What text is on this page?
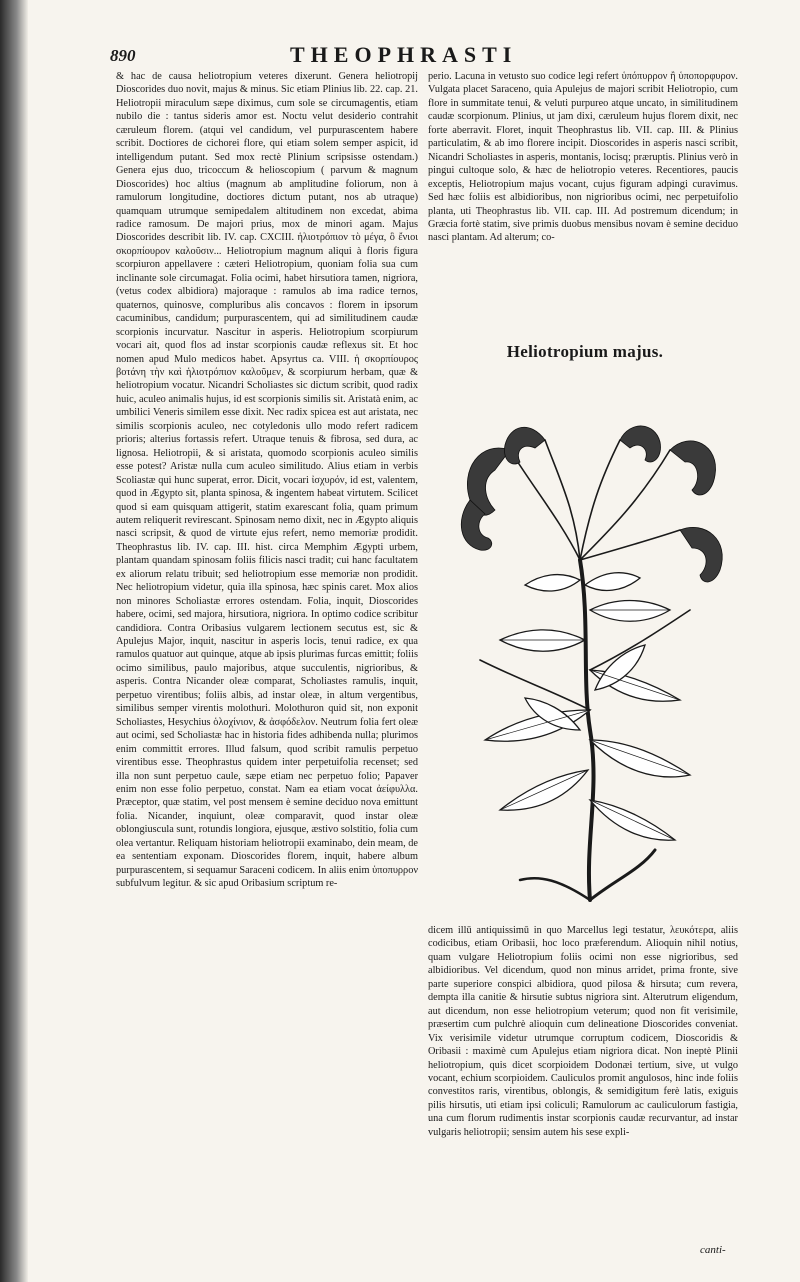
890	THEOPHRASTI

& hac de causa heliotropium veteres dixerunt. Genera heliotropij Dioscorides duo novit, majus & minus. Sic etiam Plinius lib. 22. cap. 21. Heliotropii miraculum sæpe diximus, cum sole se circumagentis, etiam nubilo die : tantus sideris amor est. Noctu velut desiderio contrahit cæruleum florem. (atqui vel candidum, vel purpurascentem habere scribit. Doctiores de cichorei flore, qui etiam solem semper aspicit, id intelligendum putant. Sed mox rectè Plinium scripsisse ostendam.) Genera ejus duo, tricoccum & helioscopium ( parvum & magnum Dioscorides) hoc altius (magnum ab amplitudine foliorum, non à ramulorum longitudine, doctiores dictum putant, nos ab utraque) quamquam utrumque semipedalem altitudinem non excedat, abima radice ramosum. De majori prius, mox de minori agam. Majus Dioscorides describit lib. IV. cap. CXCIII. ἡλιοτρόπιον τὸ μέγα, ὃ ἔνιοι σκορπίουρον καλοῦσιν... Heliotropium magnum aliqui à floris figura scorpiuron appellavere : cæteri Heliotropium, quoniam folia sua cum inclinante sole circumagat. Folia ocimi, habet hirsutiora tamen, nigriora, (vetus codex albidiora) majoraque : ramulos ab ima radice ternos, quaternos, quinosve, compluribus alis concavos : florem in ipsorum cacuminibus, candidum; purpurascentem, qui ad similitudinem caudæ scorpionis incurvatur. Nascitur in asperis. Heliotropium scorpiurum vocari ait, quod flos ad instar scorpionis caudæ reflexus sit. Et hoc nomen apud Mulo medicos habet. Apsyrtus ca. VIII. ἡ σκορπίουρος βοτάνη τὴν καὶ ἡλιοτρόπιον καλοῦμεν, & scorpiurum herbam, quæ & heliotropium vocatur. Nicandri Scholiastes sic dictum scribit, quod radix huic, aculeo animalis hujus, id est scorpionis similis sit. Aristatà enim, ac umbilici Veneris similem esse dixit. Nec radix spicea est aut aristata, nec similis scorpionis aculeo, nec cotyledonis ullo modo refert radicem prioris; alterius fortassis refert. Utraque tenuis & fibrosa, sed dura, ac lignosa. Heliotropii, & si aristata, quomodo scorpionis aculeo similis esse potest? Aristæ nulla cum aculeo similitudo. Alius etiam in verbis Scoliastæ qui hunc superat, error. Dicit, vocari ἰσχυρόν, id est, valentem, quod in Ægypto sit, planta spinosa, & ingentem habeat virtutem. Scilicet quod si eam quisquam attigerit, statim exarescant folia, quam primum autem reliquerit revirescant. Spinosam nemo dixit, nec in Ægypto aliquis nasci scripsit, & quod de virtute ejus refert, nemo memoriæ prodidit. Theophrastus lib. IV. cap. III. hist. circa Memphim Ægypti urbem, plantam quandam spinosam foliis filicis nasci tradit; cui hanc facultatem ex aliorum relatu tribuit; sed heliotropium esse memoriæ non prodidit. Nec heliotropium videtur, quia illa spinosa, hæc spinis caret. Mox alios non minores Scholiastæ errores ostendam. Folia, inquit, Dioscorides habere, ocimi, sed majora, hirsutiora, nigriora. In optimo codice scribitur candidiora. Contra Oribasius vulgarem lectionem secutus est, sic & Apulejus Major, inquit, nascitur in asperis locis, tenui radice, ex qua ramulos quatuor aut quinque, atque ab ipsis plurimas furcas emittit; foliis ocimo similibus, paulo majoribus, atque succulentis, nigrioribus, & asperis. Contra Nicander oleæ comparat, Scholiastes ramulis, inquit, perpetuo virentibus; foliis albis, ad instar oleæ, in altum vergentibus, similibus semper virentis molothuri. Molothuron quid sit, non exponit Scholiastes, Hesychius ὁλοχίνιον, & ἀσφόδελον. Neutrum folia fert oleæ aut ocimi, sed Scholiastæ hac in historia fides adhibenda nulla; plurimos enim committit errores. Illud falsum, quod scribit ramulis perpetuo virentibus esse. Theophrastus quidem inter perpetuifolia recenset; sed illa non sunt perpetuo caule, sæpe etiam nec perpetuo folio; Papaver enim non esse folio perpetuo, constat. Nam ea etiam vocat ἀείφυλλα. Præceptor, quæ statim, vel post mensem è semine deciduo nova emittunt folia. Nicander, inquiunt, oleæ comparavit, quod instar oleæ oblongiuscula sunt, rotundis longiora, ejusque, æstivo solstitio, folia cum olea vertantur. Reliquam historiam heliotropii examinabo, dein meam, de ea sententiam exponam. Dioscorides florem, inquit, habere album purpurascentem, si sequamur Saraceni codicem. In aliis enim ὑποπυρρον subfulvum legitur. & sic apud Oribasium scriptum re-

perio. Lacuna in vetusto suo codice legi refert ὑπόπυρρον ἢ ὑποπορφυρον. Vulgata placet Saraceno, quia Apulejus de majori scribit Heliotropio, cum flore in summitate tenui, & veluti purpureo atque uncato, in similitudinem caudæ scorpionum. Plinius, ut jam dixi, cæruleum hujus florem dixit, nec forte aberravit. Floret, inquit Theophrastus lib. VII. cap. III. & Plinius particulatim, & ab imo florere incipit. Dioscorides in asperis nasci scribit, Nicandri Scholiastes in asperis, montanis, locisq; præruptis. Plinius verò in pingui cultoque solo, & hæc de heliotropio veteres. Recentiores, paucis exceptis, Heliotropium majus vocant, cujus figuram adpingi curavimus. Sed hæc foliis est albidioribus, non nigrioribus ocimi, nec perpetuifolio planta, uti Theophrastus lib. VII. cap. III. Ad postremum dicendum; in Græcia fortè statim, sive primis duobus mensibus novam è semine deciduo nasci plantam. Ad alterum; co-

Heliotropium majus.

dicem illū antiquissimū in quo Marcellus legi testatur, λευκότερα, aliis codicibus, etiam Oribasii, hoc loco præferendum. Alioquin nihil notius, quam vulgare Heliotropium foliis ocimi non esse nigrioribus, sed albidioribus. Vel dicendum, quod non minus arridet, prima fronte, sive parte superiore conspici albidiora, quod pilosa & hirsuta; cum revera, dempta illa canitie & hirsutie subtus nigriora sint. Alterutrum eligendum, aut dicendum, non esse heliotropium veterum; quod non fit verisimile, præsertim cum pulchrè alioquin cum delineatione Dioscorides conveniat. Vix verisimile videtur utrumque corruptum codicem, Dioscoridis & Oribasii : maximè cum Apulejus etiam nigriora dicat. Non ineptè Plinii heliotropium, quis dicet scorpioidem Dodonæi tertium, sive, ut vulgo vocant, echium scorpioidem. Cauliculos promit angulosos, hinc inde foliis convestitos raris, virentibus, oblongis, & semidigitum ferè latis, exiguis pilis hirsutis, uti etiam ipsi coliculi; Ramulorum ac cauliculorum fastigia, una cum florum rudimentis instar scorpionis caudæ recurvantur, ad instar vulgaris heliotropii; sensim autem his sese expli-

canti-
